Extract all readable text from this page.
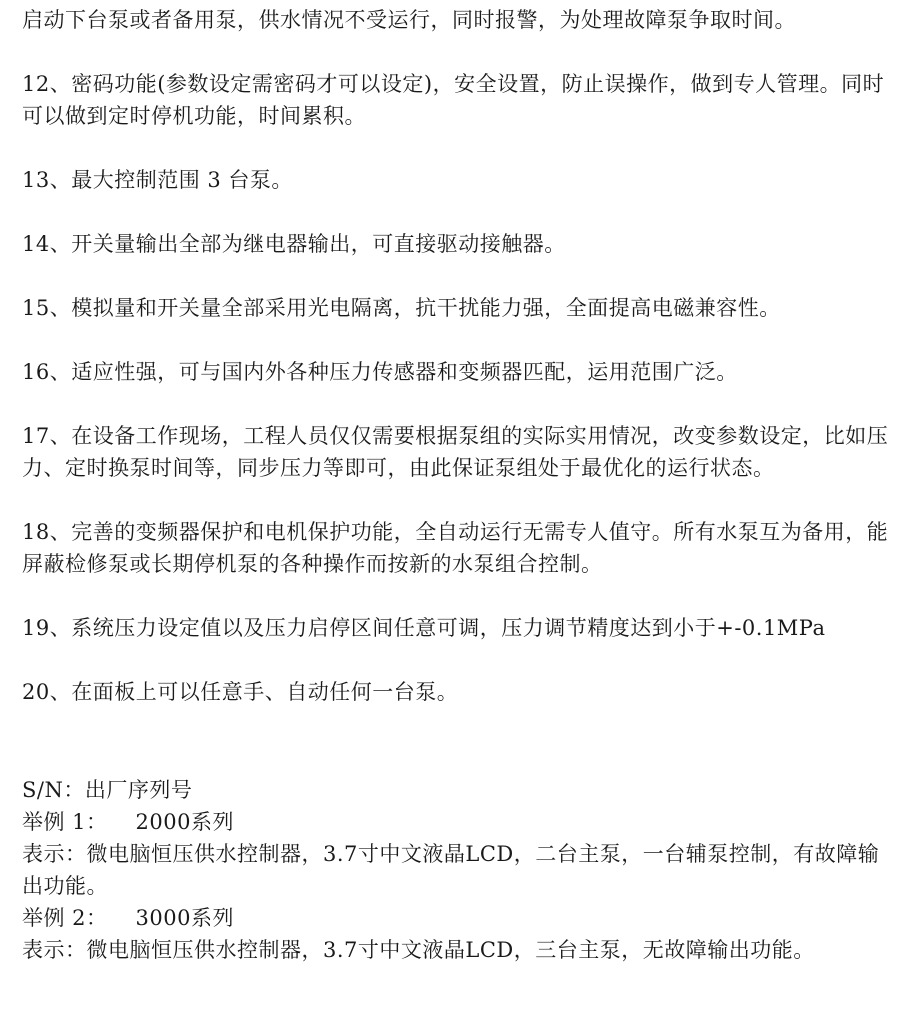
启动下台泵或者备用泵，供水情况不受运行，同时报警，为处理故障泵争取时间。

12、密码功能(参数设定需密码才可以设定)，安全设置，防止误操作，做到专人管理。同时可以做到定时停机功能，时间累积。

13、最大控制范围 3 台泵。

14、开关量输出全部为继电器输出，可直接驱动接触器。

15、模拟量和开关量全部采用光电隔离，抗干扰能力强，全面提高电磁兼容性。

16、适应性强，可与国内外各种压力传感器和变频器匹配，运用范围广泛。

17、在设备工作现场，工程人员仅仅需要根据泵组的实际实用情况，改变参数设定，比如压力、定时换泵时间等，同步压力等即可，由此保证泵组处于最优化的运行状态。

18、完善的变频器保护和电机保护功能，全自动运行无需专人值守。所有水泵互为备用，能屏蔽检修泵或长期停机泵的各种操作而按新的水泵组合控制。

19、系统压力设定值以及压力启停区间任意可调，压力调节精度达到小于+-0.1MPa

20、在面板上可以任意手、自动任何一台泵。

S/N：出厂序列号

举例 1： 2000系列

表示：微电脑恒压供水控制器，3.7寸中文液晶LCD，二台主泵，一台辅泵控制，有故障输出功能。

举例 2： 3000系列

表示：微电脑恒压供水控制器，3.7寸中文液晶LCD，三台主泵，无故障输出功能。
